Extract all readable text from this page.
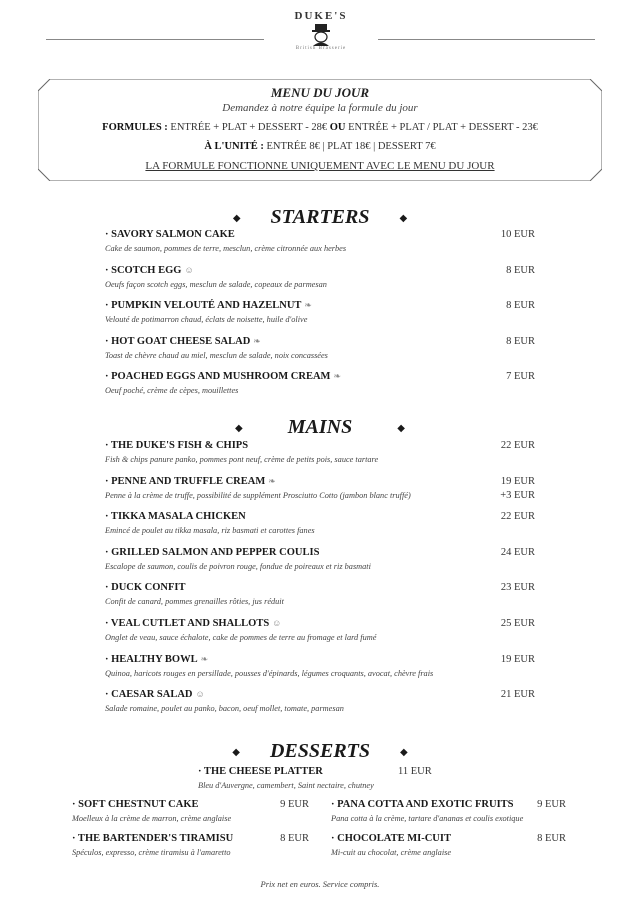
DUKE'S
British Brasserie
MENU DU JOUR
Demandez à notre équipe la formule du jour
FORMULES : ENTRÉE + PLAT + DESSERT - 28€ OU ENTRÉE + PLAT / PLAT + DESSERT - 23€
À L'UNITÉ : ENTRÉE 8€ | PLAT 18€ | DESSERT 7€
LA FORMULE FONCTIONNE UNIQUEMENT AVEC LE MENU DU JOUR
◆ STARTERS	◆
· SAVORY SALMON CAKE
Cake de saumon, pommes de terre, mesclun, crème citronnée aux herbes
10 EUR
· SCOTCH EGG ☺
Oeufs façon scotch eggs, mesclun de salade, copeaux de parmesan
8 EUR
· PUMPKIN VELOUTÉ AND HAZELNUT ❧
Velouté de potimarron chaud, éclats de noisette, huile d'olive
8 EUR
· HOT GOAT CHEESE SALAD ❧
Toast de chèvre chaud au miel, mesclun de salade, noix concassées
8 EUR
· POACHED EGGS AND MUSHROOM CREAM ❧
Oeuf poché, crème de cèpes, mouillettes
7 EUR
◆ MAINS	◆
· THE DUKE'S FISH & CHIPS
Fish & chips panure panko, pommes pont neuf, crème de petits pois, sauce tartare
22 EUR
· PENNE AND TRUFFLE CREAM ❧
Penne à la crème de truffe, possibilité de supplément Prosciutto Cotto (jambon blanc truffé)
19 EUR
+3 EUR
· TIKKA MASALA CHICKEN
Emincé de poulet au tikka masala, riz basmati et carottes fanes
22 EUR
· GRILLED SALMON AND PEPPER COULIS
Escalope de saumon, coulis de poivron rouge, fondue de poireaux et riz basmati
24 EUR
· DUCK CONFIT
Confit de canard, pommes grenailles rôties, jus réduit
23 EUR
· VEAL CUTLET AND SHALLOTS ☺
Onglet de veau, sauce échalote, cake de pommes de terre au fromage et lard fumé
25 EUR
· HEALTHY BOWL ❧
Quinoa, haricots rouges en persillade, pousses d'épinards, légumes croquants, avocat, chèvre frais
19 EUR
· CAESAR SALAD ☺
Salade romaine, poulet au panko, bacon, oeuf mollet, tomate, parmesan
21 EUR
◆ DESSERTS	◆
· THE CHEESE PLATTER
Bleu d'Auvergne, camembert, Saint nectaire, chutney
11 EUR
· SOFT CHESTNUT CAKE
Moelleux à la crème de marron, crème anglaise
9 EUR
· THE BARTENDER'S TIRAMISU
Spéculos, expresso, crème tiramisu à l'amaretto
8 EUR
· PANA COTTA AND EXOTIC FRUITS
Pana cotta à la crème, tartare d'ananas et coulis exotique
9 EUR
· CHOCOLATE MI-CUIT
Mi-cuit au chocolat, crème anglaise
8 EUR
Prix net en euros. Service compris.
